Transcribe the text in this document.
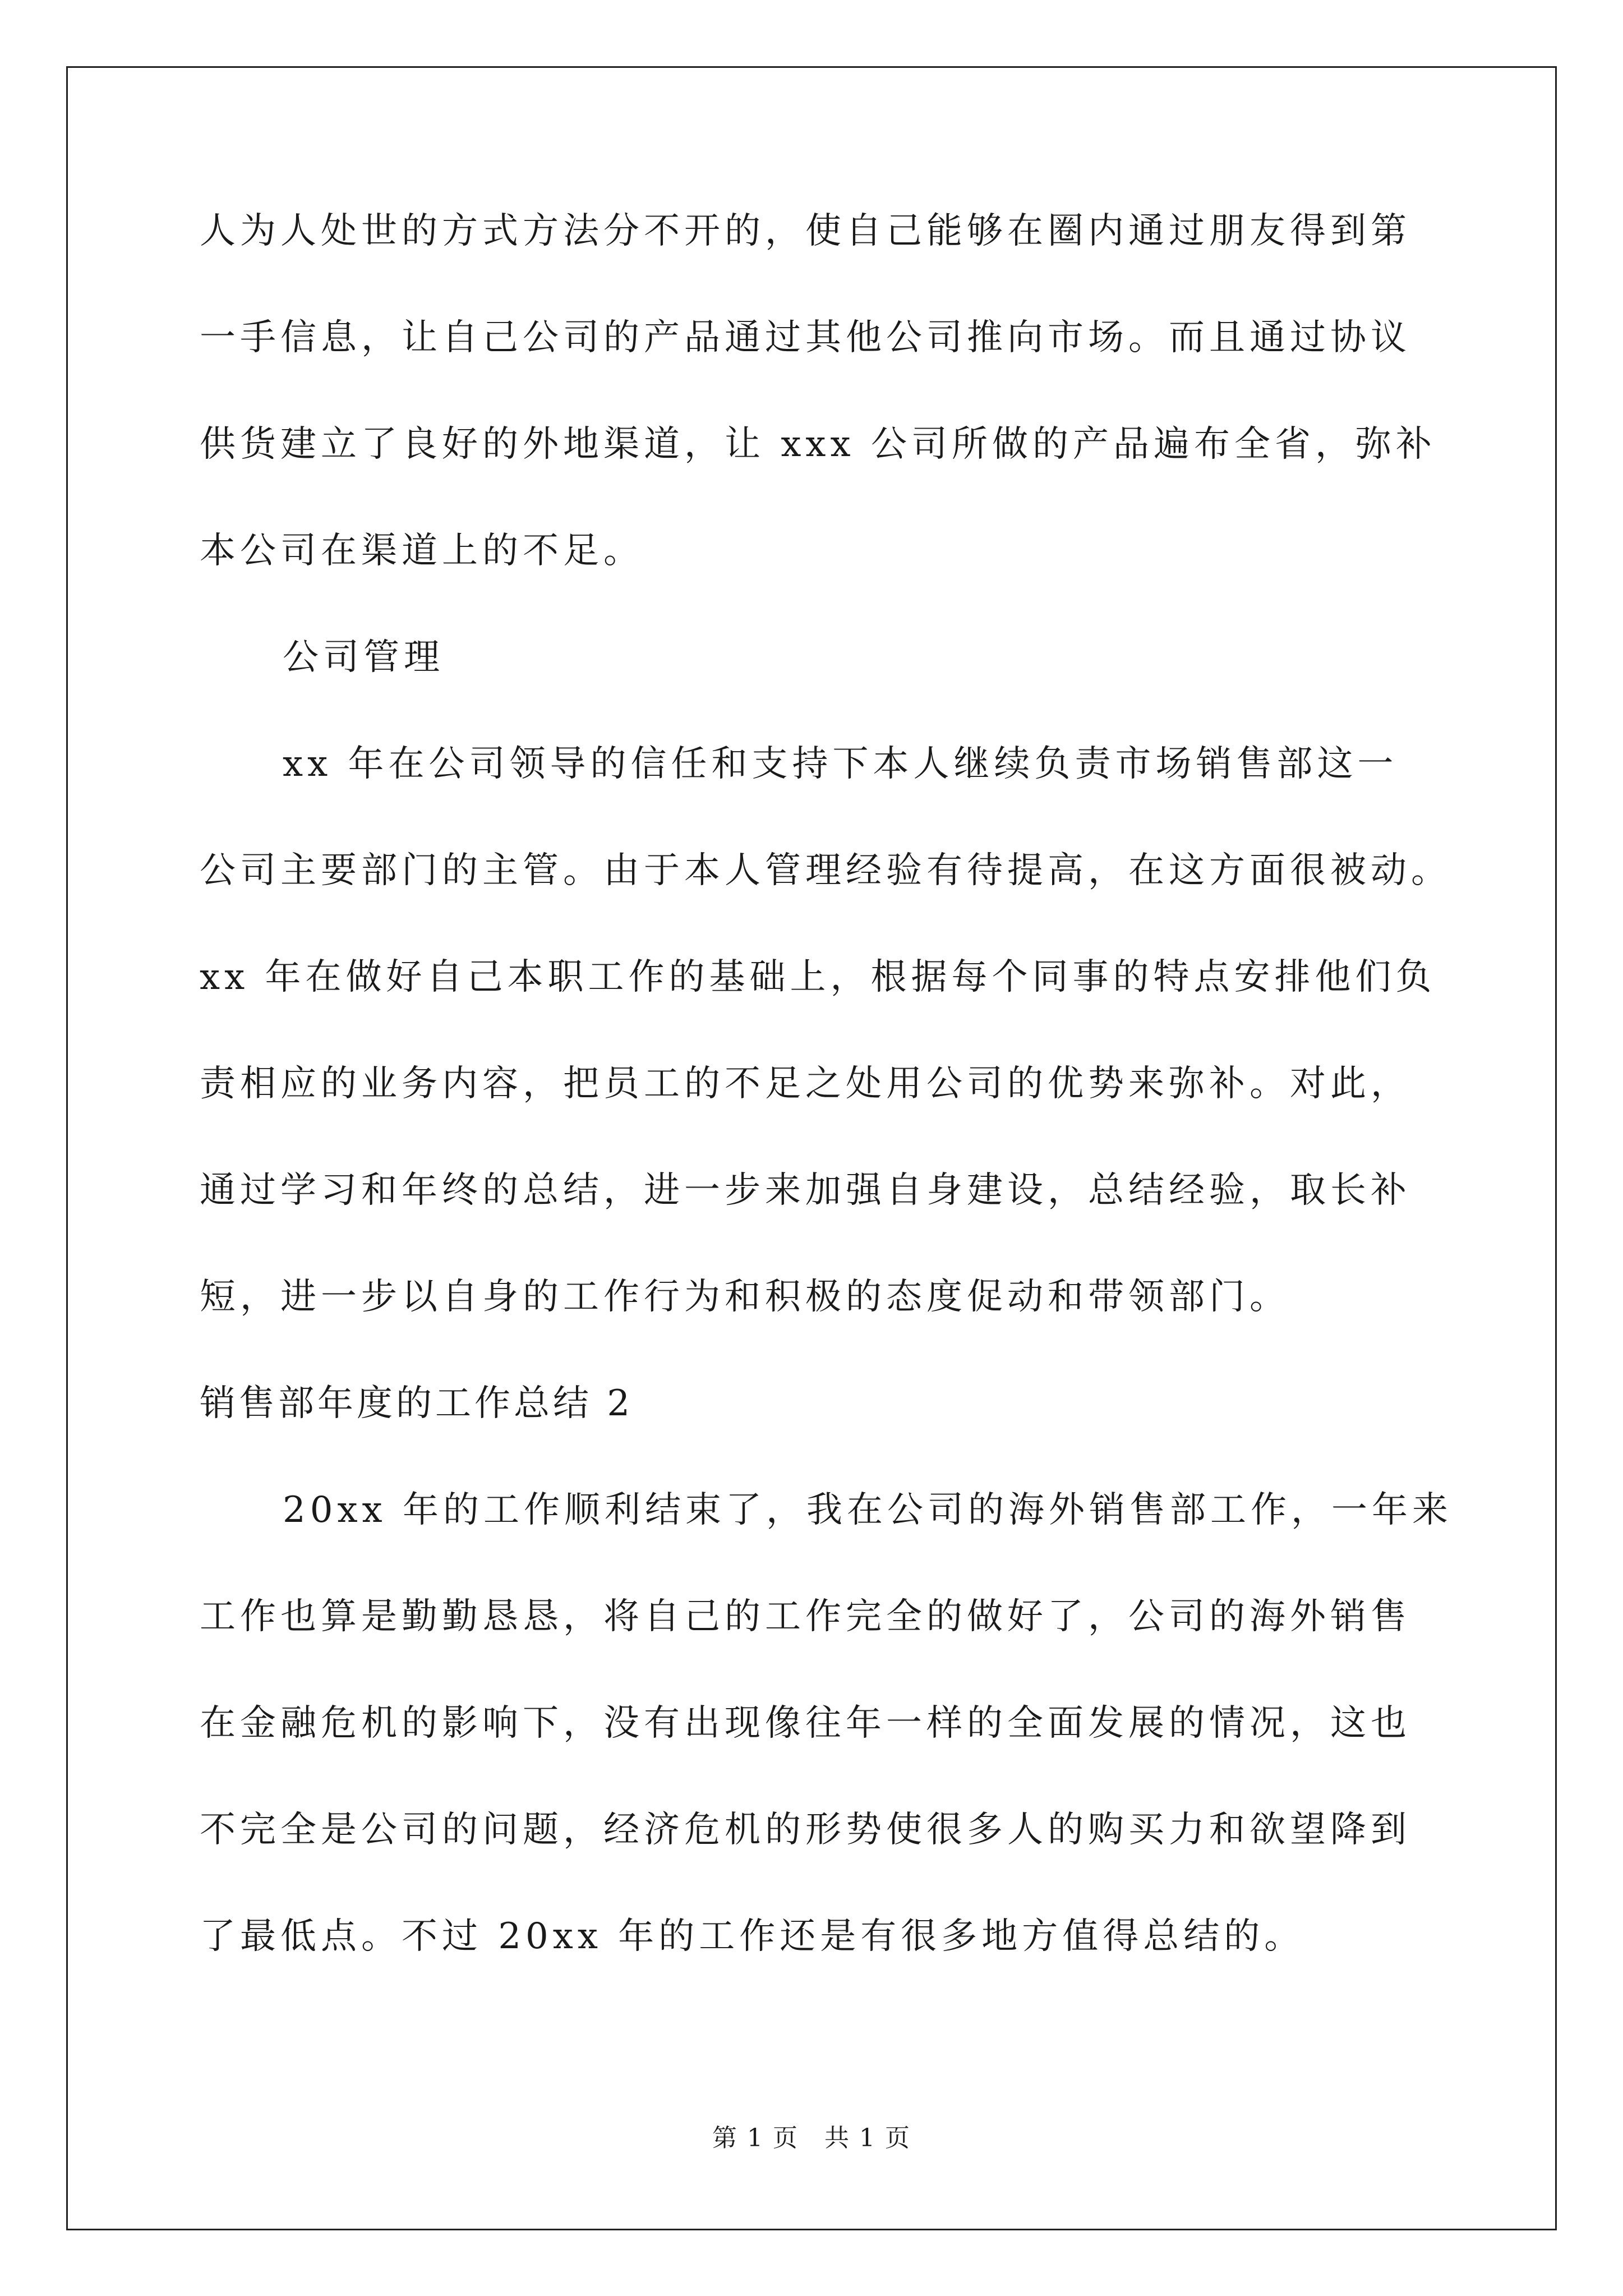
人为人处世的方式方法分不开的，使自己能够在圈内通过朋友得到第
一手信息，让自己公司的产品通过其他公司推向市场。而且通过协议
供货建立了良好的外地渠道，让 xxx 公司所做的产品遍布全省，弥补
本公司在渠道上的不足。
公司管理
xx 年在公司领导的信任和支持下本人继续负责市场销售部这一
公司主要部门的主管。由于本人管理经验有待提高，在这方面很被动。
xx 年在做好自己本职工作的基础上，根据每个同事的特点安排他们负
责相应的业务内容，把员工的不足之处用公司的优势来弥补。对此，
通过学习和年终的总结，进一步来加强自身建设，总结经验，取长补
短，进一步以自身的工作行为和积极的态度促动和带领部门。
销售部年度的工作总结 2
20xx 年的工作顺利结束了，我在公司的海外销售部工作，一年来
工作也算是勤勤恳恳，将自己的工作完全的做好了，公司的海外销售
在金融危机的影响下，没有出现像往年一样的全面发展的情况，这也
不完全是公司的问题，经济危机的形势使很多人的购买力和欲望降到
了最低点。不过 20xx 年的工作还是有很多地方值得总结的。
第 1 页　共 1 页
